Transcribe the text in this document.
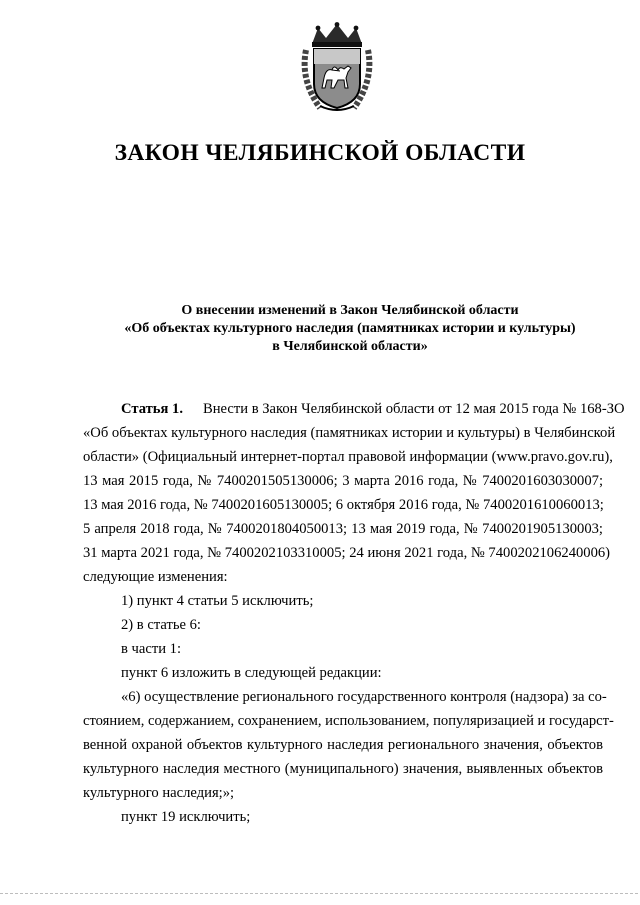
ЗАКОН ЧЕЛЯБИНСКОЙ ОБЛАСТИ
О внесении изменений в Закон Челябинской области
«Об объектах культурного наследия (памятниках истории и культуры)
в Челябинской области»
Статья 1. Внести в Закон Челябинской области от 12 мая 2015 года № 168-ЗО
«Об объектах культурного наследия (памятниках истории и культуры) в Челябинской
области» (Официальный интернет-портал правовой информации (www.pravo.gov.ru),
13 мая 2015 года, № 7400201505130006; 3 марта 2016 года, № 7400201603030007;
13 мая 2016 года, № 7400201605130005; 6 октября 2016 года, № 7400201610060013;
5 апреля 2018 года, № 7400201804050013; 13 мая 2019 года, № 7400201905130003;
31 марта 2021 года, № 7400202103310005; 24 июня 2021 года, № 7400202106240006)
следующие изменения:
1) пункт 4 статьи 5 исключить;
2) в статье 6:
в части 1:
пункт 6 изложить в следующей редакции:
«6) осуществление регионального государственного контроля (надзора) за со-
стоянием, содержанием, сохранением, использованием, популяризацией и государст-
венной охраной объектов культурного наследия регионального значения, объектов
культурного наследия местного (муниципального) значения, выявленных объектов
культурного наследия;»;
пункт 19 исключить;
